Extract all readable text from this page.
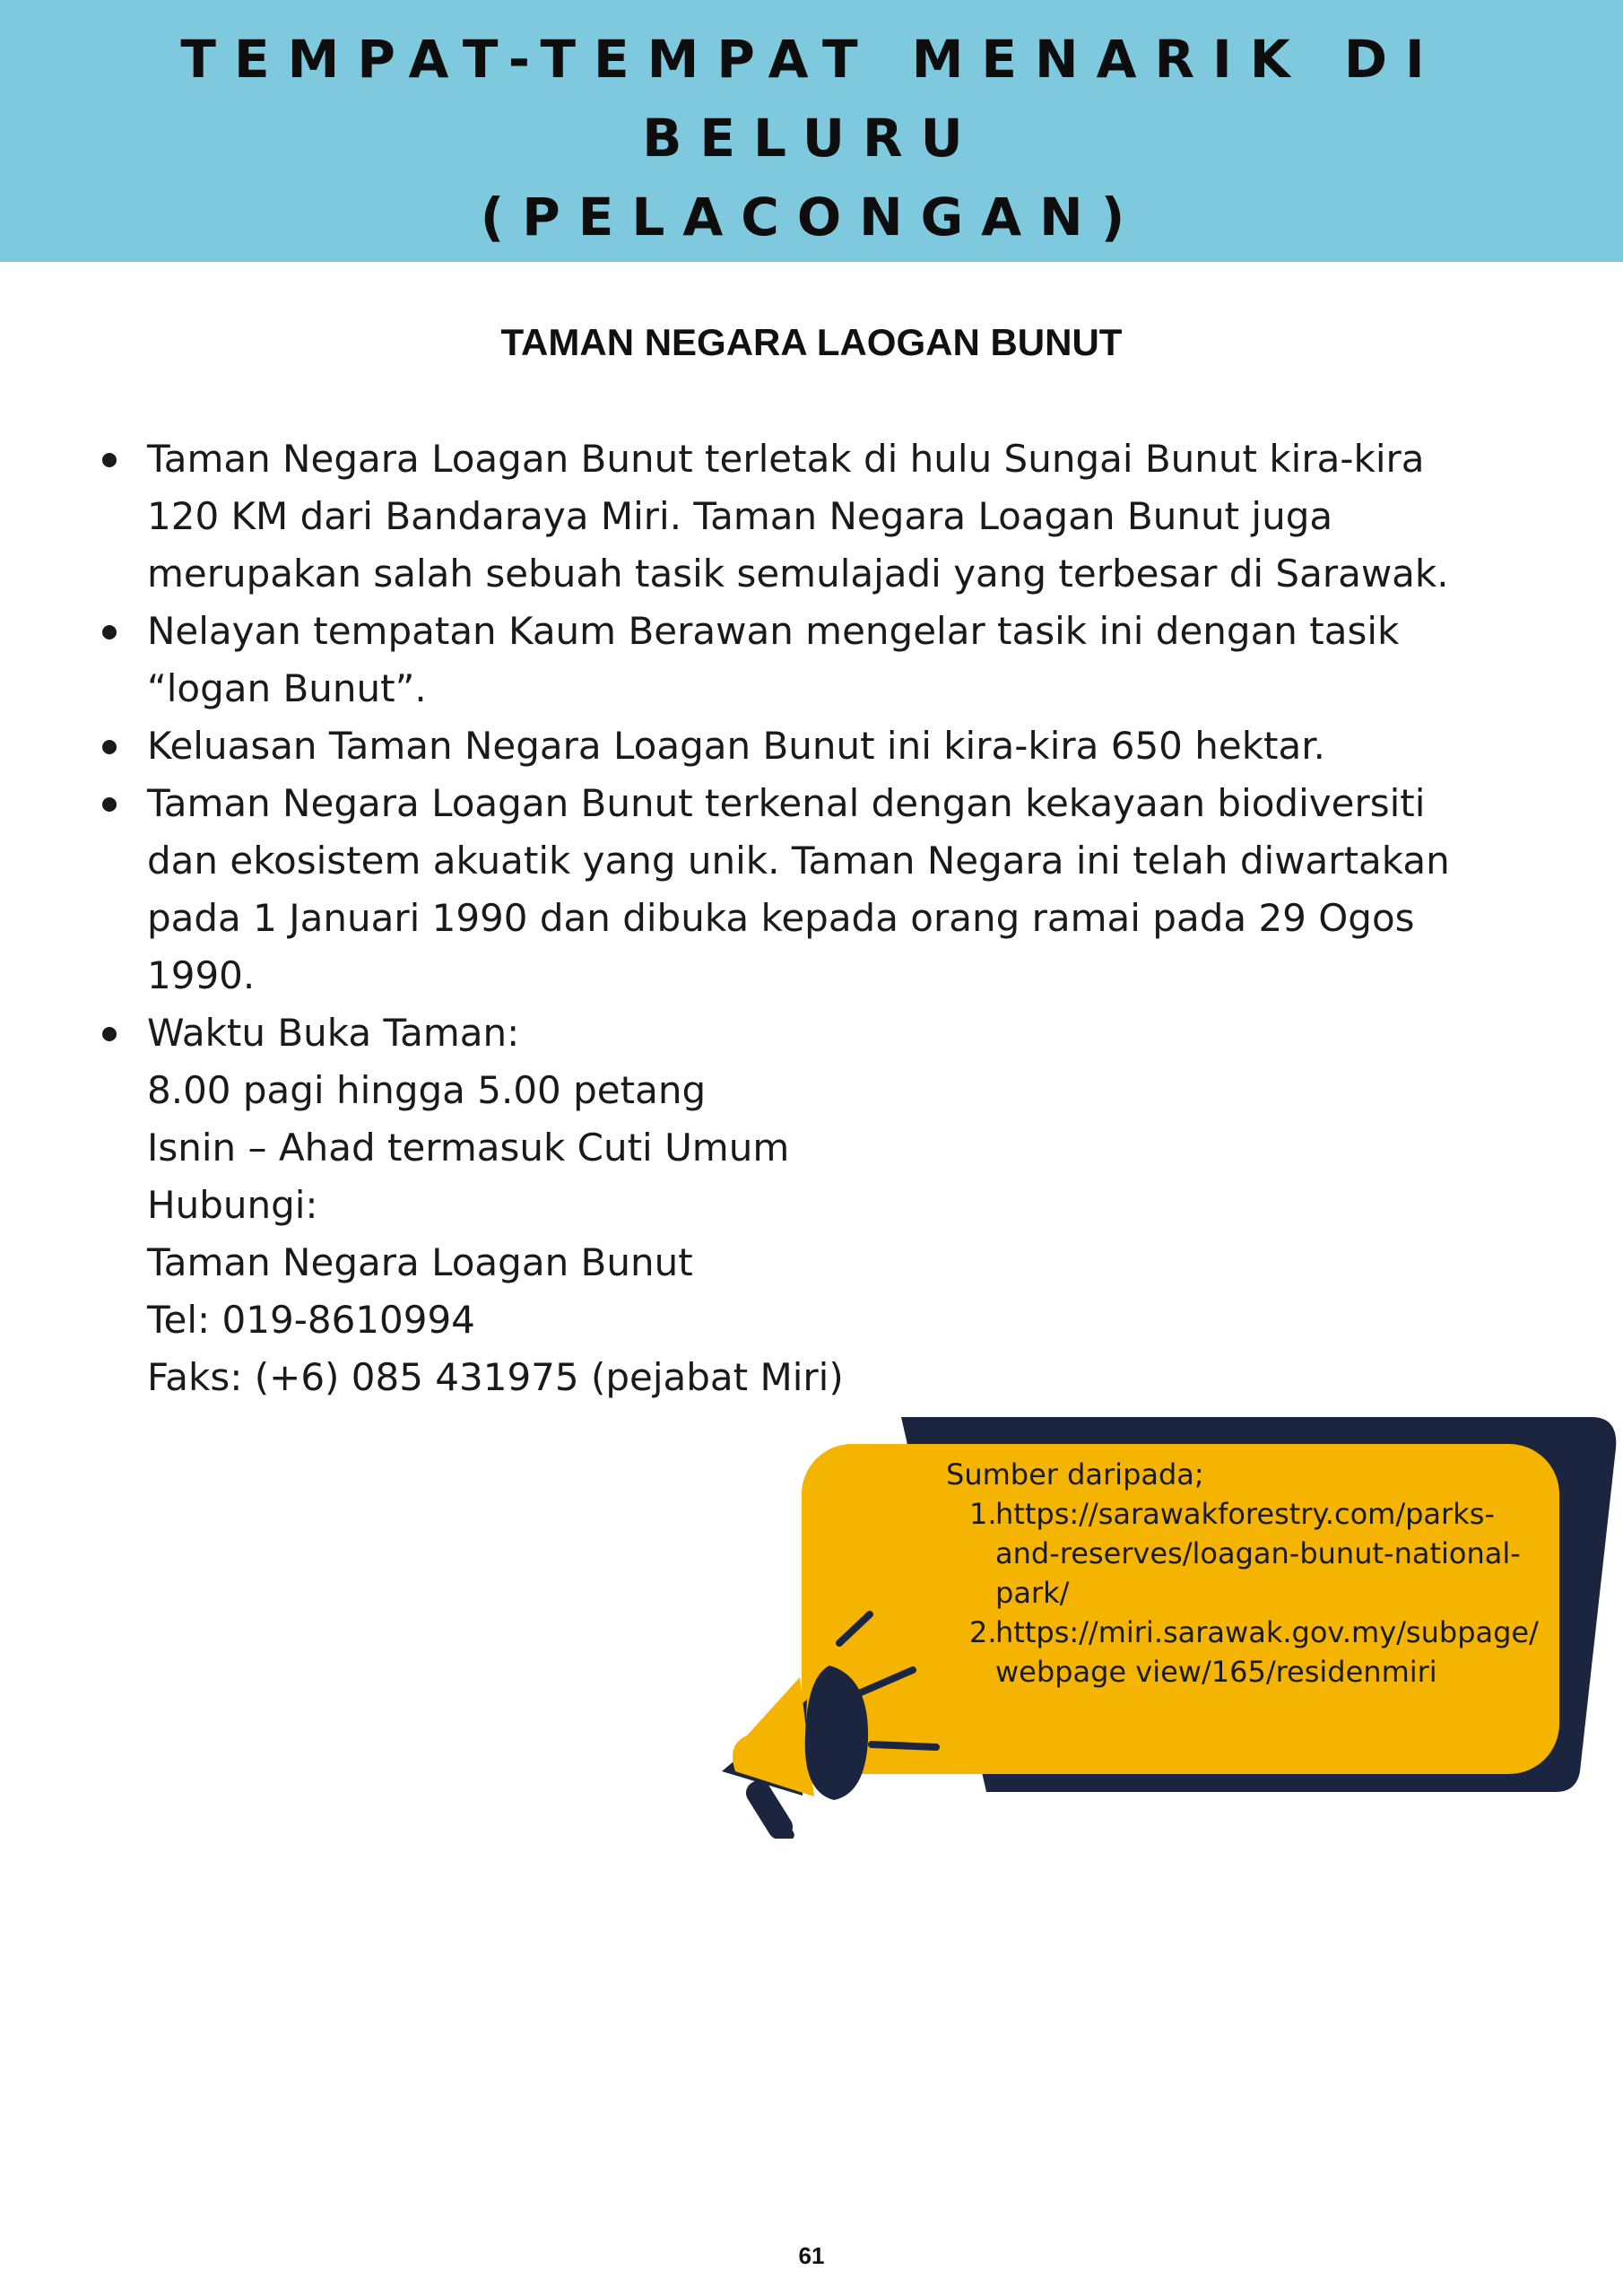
TEMPAT-TEMPAT MENARIK DI
BELURU
(PELACONGAN)
TAMAN NEGARA LAOGAN BUNUT
Taman Negara Loagan Bunut terletak di hulu Sungai Bunut kira-kira
120 KM dari Bandaraya Miri. Taman Negara Loagan Bunut juga
merupakan salah sebuah tasik semulajadi yang terbesar di Sarawak.
Nelayan tempatan Kaum Berawan mengelar tasik ini dengan tasik
“logan Bunut”.
Keluasan Taman Negara Loagan Bunut ini kira-kira 650 hektar.
Taman Negara Loagan Bunut terkenal dengan kekayaan biodiversiti
dan ekosistem akuatik yang unik. Taman Negara ini telah diwartakan
pada 1 Januari 1990 dan dibuka kepada orang ramai pada 29 Ogos
1990.
Waktu Buka Taman:
8.00 pagi hingga 5.00 petang
Isnin – Ahad termasuk Cuti Umum
Hubungi:
Taman Negara Loagan Bunut
Tel: 019-8610994
Faks: (+6) 085 431975 (pejabat Miri)
Sumber daripada;
1.
https://sarawakforestry.com/parks-
and-reserves/loagan-bunut-national-
park/
2.
https://miri.sarawak.gov.my/subpage/
webpage view/165/residenmiri
61
